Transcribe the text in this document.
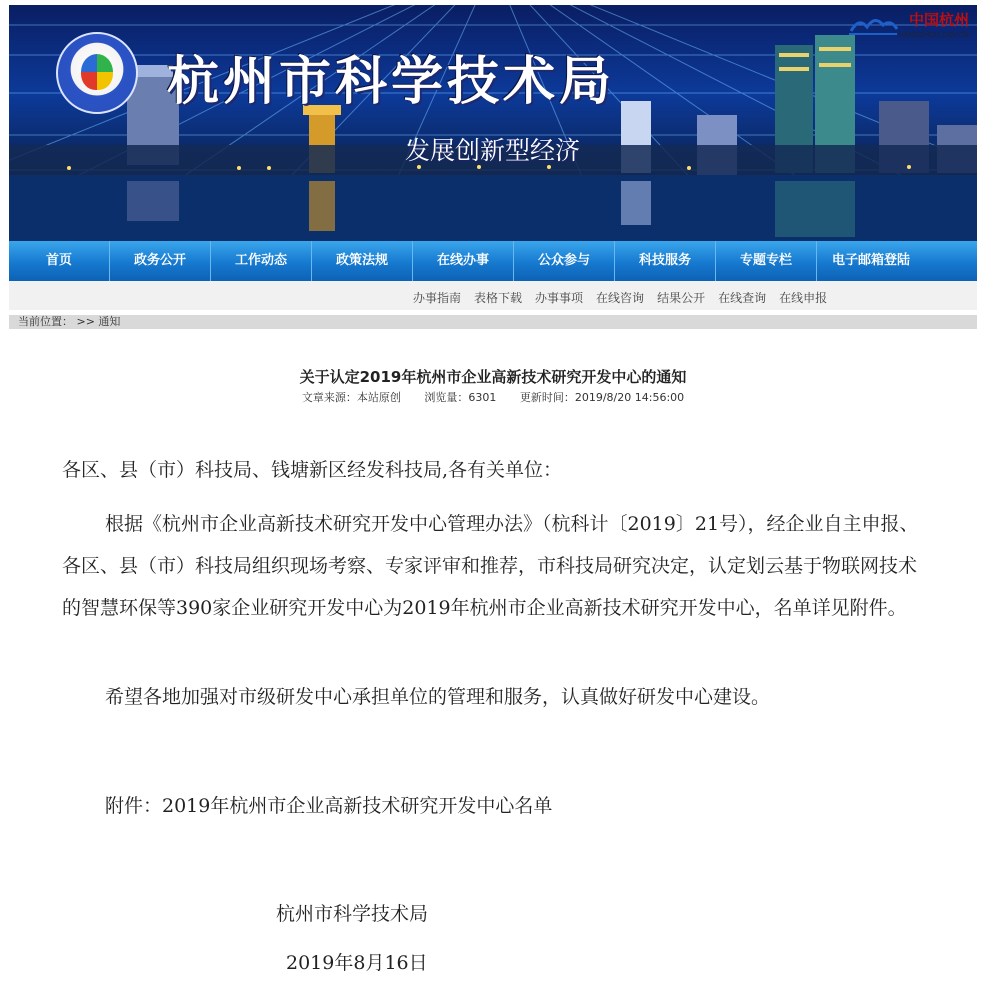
杭州市科学技术局
发展创新型经济
中国杭州
HANGZHOU.GOV.CN
首页	政务公开	工作动态	政策法规	在线办事	公众参与	科技服务	专题专栏	电子邮箱登陆
办事指南 表格下载 办事事项 在线咨询 结果公开 在线查询 在线申报
当前位置： >> 通知
关于认定2019年杭州市企业高新技术研究开发中心的通知
文章来源：本站原创 浏览量：6301 更新时间：2019/8/20 14:56:00
各区、县（市）科技局、钱塘新区经发科技局,各有关单位：
根据《杭州市企业高新技术研究开发中心管理办法》（杭科计〔2019〕21号），经企业自主申报、各区、县（市）科技局组织现场考察、专家评审和推荐，市科技局研究决定，认定划云基于物联网技术的智慧环保等390家企业研究开发中心为2019年杭州市企业高新技术研究开发中心，名单详见附件。
希望各地加强对市级研发中心承担单位的管理和服务，认真做好研发中心建设。
附件：2019年杭州市企业高新技术研究开发中心名单
杭州市科学技术局
2019年8月16日
